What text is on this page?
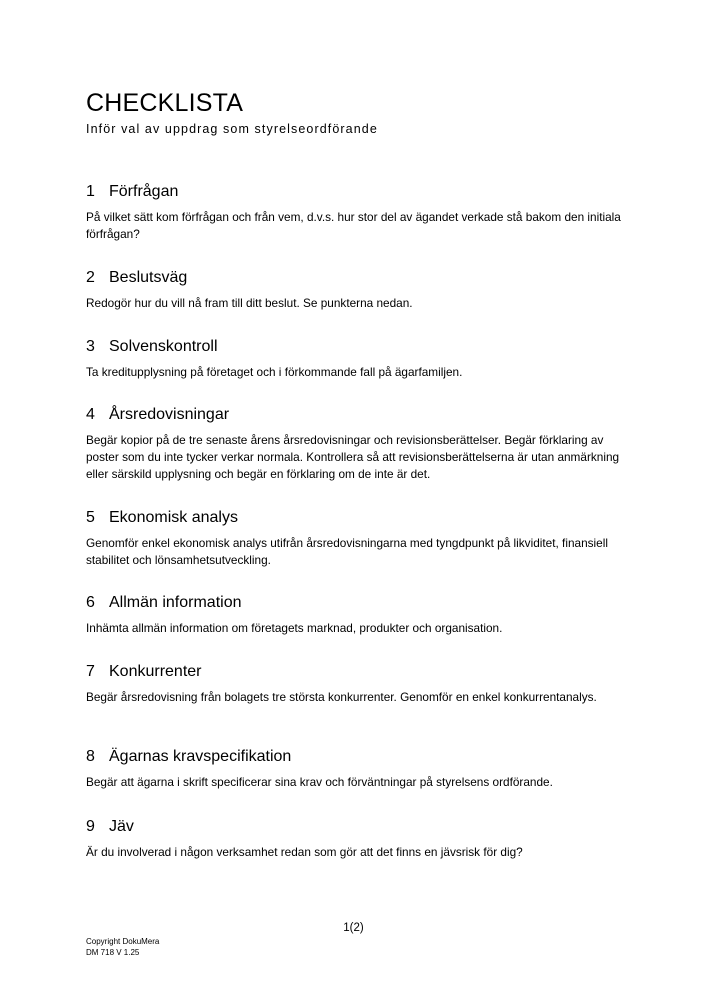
CHECKLISTA
Inför val av uppdrag som styrelseordförande
1 Förfrågan

På vilket sätt kom förfrågan och från vem, d.v.s. hur stor del av ägandet verkade stå bakom den initiala förfrågan?

2 Beslutsväg

Redogör hur du vill nå fram till ditt beslut. Se punkterna nedan.

3 Solvenskontroll

Ta kreditupplysning på företaget och i förkommande fall på ägarfamiljen.

4 Årsredovisningar

Begär kopior på de tre senaste årens årsredovisningar och revisionsberättelser. Begär förklaring av poster som du inte tycker verkar normala. Kontrollera så att revisionsberättelserna är utan anmärkning eller särskild upplysning och begär en förklaring om de inte är det.

5 Ekonomisk analys

Genomför enkel ekonomisk analys utifrån årsredovisningarna med tyngdpunkt på likviditet, finansiell stabilitet och lönsamhetsutveckling.

6 Allmän information

Inhämta allmän information om företagets marknad, produkter och organisation.

7 Konkurrenter

Begär årsredovisning från bolagets tre största konkurrenter. Genomför en enkel konkurrentanalys.

8 Ägarnas kravspecifikation

Begär att ägarna i skrift specificerar sina krav och förväntningar på styrelsens ordförande.

9 Jäv

Är du involverad i någon verksamhet redan som gör att det finns en jävsrisk för dig?

1(2)
Copyright DokuMera
DM 718 V 1.25
